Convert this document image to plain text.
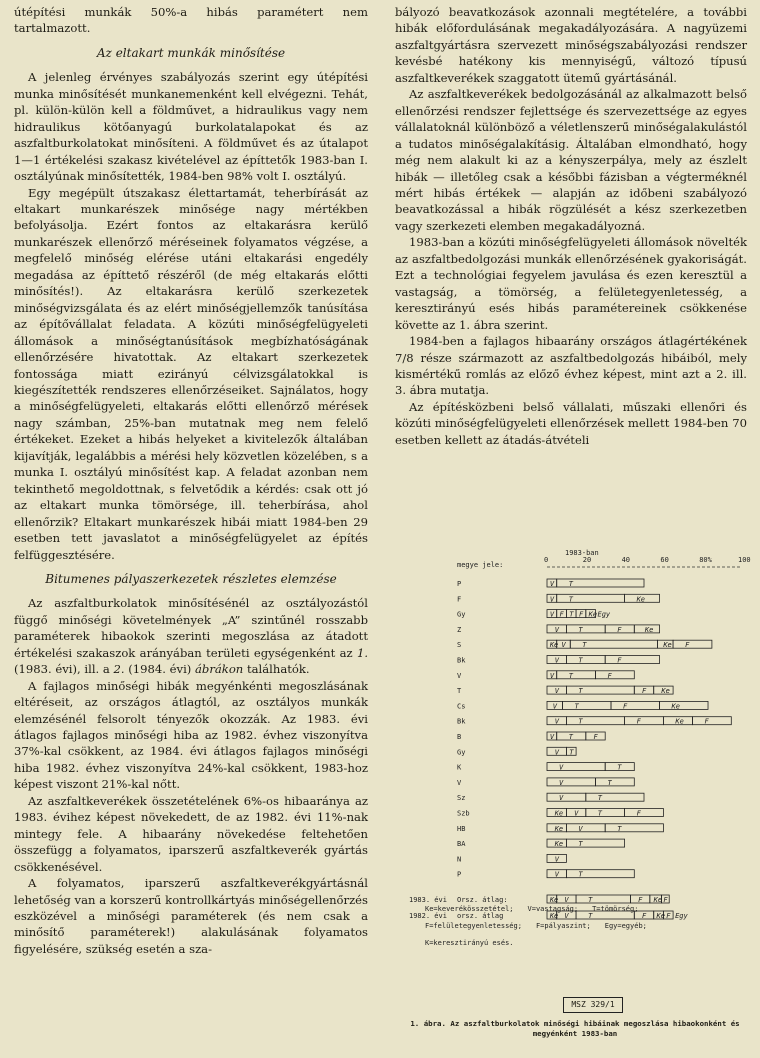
útépítési munkák 50%-a hibás paramétert nem tartalmazott.

Az eltakart munkák minősítése

A jelenleg érvényes szabályozás szerint egy útépítési munka minősítését munkanemenként kell elvégezni. Tehát, pl. külön-külön kell a földművet, a hidraulikus vagy nem hidraulikus kötőanyagú burkolatalapokat és az aszfaltburkolatokat minősíteni. A földművet és az útalapot 1—1 értékelési szakasz kivételével az építtetők 1983-ban I. osztályúnak minősítették, 1984-ben 98% volt I. osztályú.

Egy megépült útszakasz élettartamát, teherbírását az eltakart munkarészek minősége nagy mértékben befolyásolja. Ezért fontos az eltakarásra kerülő munkarészek ellenőrző méréseinek folyamatos végzése, a megfelelő minőség elérése utáni eltakarási engedély megadása az építtető részéről (de még eltakarás előtti minősítés!). Az eltakarásra kerülő szerkezetek minőségvizsgálata és az elért minőségjellemzők tanúsítása az építővállalat feladata. A közúti minőségfelügyeleti állomások a minőségtanúsítások megbízhatóságának ellenőrzésére hivatottak. Az eltakart szerkezetek fontossága miatt ezirányú célvizsgálatokkal is kiegészítették rendszeres ellenőrzéseiket. Sajnálatos, hogy a minőségfelügyeleti, eltakarás előtti ellenőrző mérések nagy számban, 25%-ban mutatnak meg nem felelő értékeket. Ezeket a hibás helyeket a kivitelezők általában kijavítják, legalábbis a mérési hely közvetlen közelében, s a munka I. osztályú minősítést kap. A feladat azonban nem tekinthető megoldottnak, s felvetődik a kérdés: csak ott jó az eltakart munka tömörsége, ill. teherbírása, ahol ellenőrzik? Eltakart munkarészek hibái miatt 1984-ben 29 esetben tett javaslatot a minőségfelügyelet az építés felfüggesztésére.

Bitumenes pályaszerkezetek részletes elemzése

Az aszfaltburkolatok minősítésénél az osztályozástól függő minőségi követelmények „A” szintűnél rosszabb paraméterek hibaokok szerinti megoszlása az átadott értékelési szakaszok arányában területi egységenként az 1.(1983. évi), ill. a 2. (1984. évi) ábrákon találhatók.

A fajlagos minőségi hibák megyénkénti megoszlásának eltéréseit, az országos átlagtól, az osztályos munkák elemzésénél felsorolt tényezők okozzák. Az 1983. évi átlagos fajlagos minőségi hiba az 1982. évhez viszonyítva 37%-kal csökkent, az 1984. évi átlagos fajlagos minőségi hiba 1982. évhez viszonyítva 24%-kal csökkent, 1983-hoz képest viszont 21%-kal nőtt.

Az aszfaltkeverékek összetételének 6%-os hibaaránya az 1983. évihez képest növekedett, de az 1982. évi 11%-nak mintegy fele. A hibaarány növekedése feltehetően összefügg a folyamatos, iparszerű aszfaltkeverék gyártás csökkenésével.

A folyamatos, iparszerű aszfaltkeverékgyártásnál lehetőség van a korszerű kontrollkártyás minőségellenőrzés eszközével a minőségi paraméterek (és nem csak a minősítő paraméterek!) alakulásának folyamatos figyelésére, szükség esetén a sza-

bályozó beavatkozások azonnali megtételére, a további hibák előfordulásának megakadályozására. A nagyüzemi aszfaltgyártásra szervezett minőségszabályozási rendszer kevésbé hatékony kis mennyiségű, változó típusú aszfaltkeverékek szaggatott ütemű gyártásánál.

Az aszfaltkeverékek bedolgozásánál az alkalmazott belső ellenőrzési rendszer fejlettsége és szervezettsége az egyes vállalatoknál különböző a véletlenszerű minőségalakulástól a tudatos minőségalakításig. Általában elmondható, hogy még nem alakult ki az a kényszerpálya, mely az észlelt hibák — illetőleg csak a későbbi fázisban a végterméknél mért hibás értékek — alapján az időbeni szabályozó beavatkozással a hibák rögzülését a kész szerkezetben vagy szerkezeti elemben megakadályozná.

1983-ban a közúti minőségfelügyeleti állomások növelték az aszfaltbedolgozási munkák ellenőrzésének gyakoriságát. Ezt a technológiai fegyelem javulása és ezen keresztül a vastagság, a tömörség, a felületegyenletesség, a keresztirányú esés hibás paramétereinek csökkenése követte az 1. ábra szerint.

1984-ben a fajlagos hibaarány országos átlagértékének 7/8 része származott az aszfaltbedolgozás hibáiból, mely kismértékű romlás az előző évhez képest, mint azt a 2. ill. 3. ábra mutatja.

Az építésközbeni belső vállalati, műszaki ellenőri és közúti minőségfelügyeleti ellenőrzések mellett 1984-ben 70 esetben kellett az átadás-átvételi

1983-ban
megye jele:
0	20	40	60	80%	100
P	V T
F	V T	Ke
Gy	V F T F Ke Egy
Z	V	T	F	Ke
S	Ke V T	Ke F
Bk	V	T	F
V	V T	F
T	V	T	F Ke
Cs	V	T	F	Ke
Bk	V	T	F	Ke	F
B	V T	F
Gy	V T
K	V	T
V	V	T
Sz	V	T
Szb	Ke V	T	F
HB	Ke V	T
BA	Ke T
N	V
P	V	T
1983. évi Orsz. átlag:	Ke V	T	F Ke F
1982. évi orsz. átlag	Ke V	T	F Ke F Egy
Ke=keverékösszetétel; V=vastagság; T=tömörség;
F=felületegyenletesség; F=pályaszint; Egy=egyéb;
K=keresztirányú esés.
MSZ 329/1
1. ábra. Az aszfaltburkolatok minőségi hibáinak megoszlása hibaokonként és megyénként 1983-ban
